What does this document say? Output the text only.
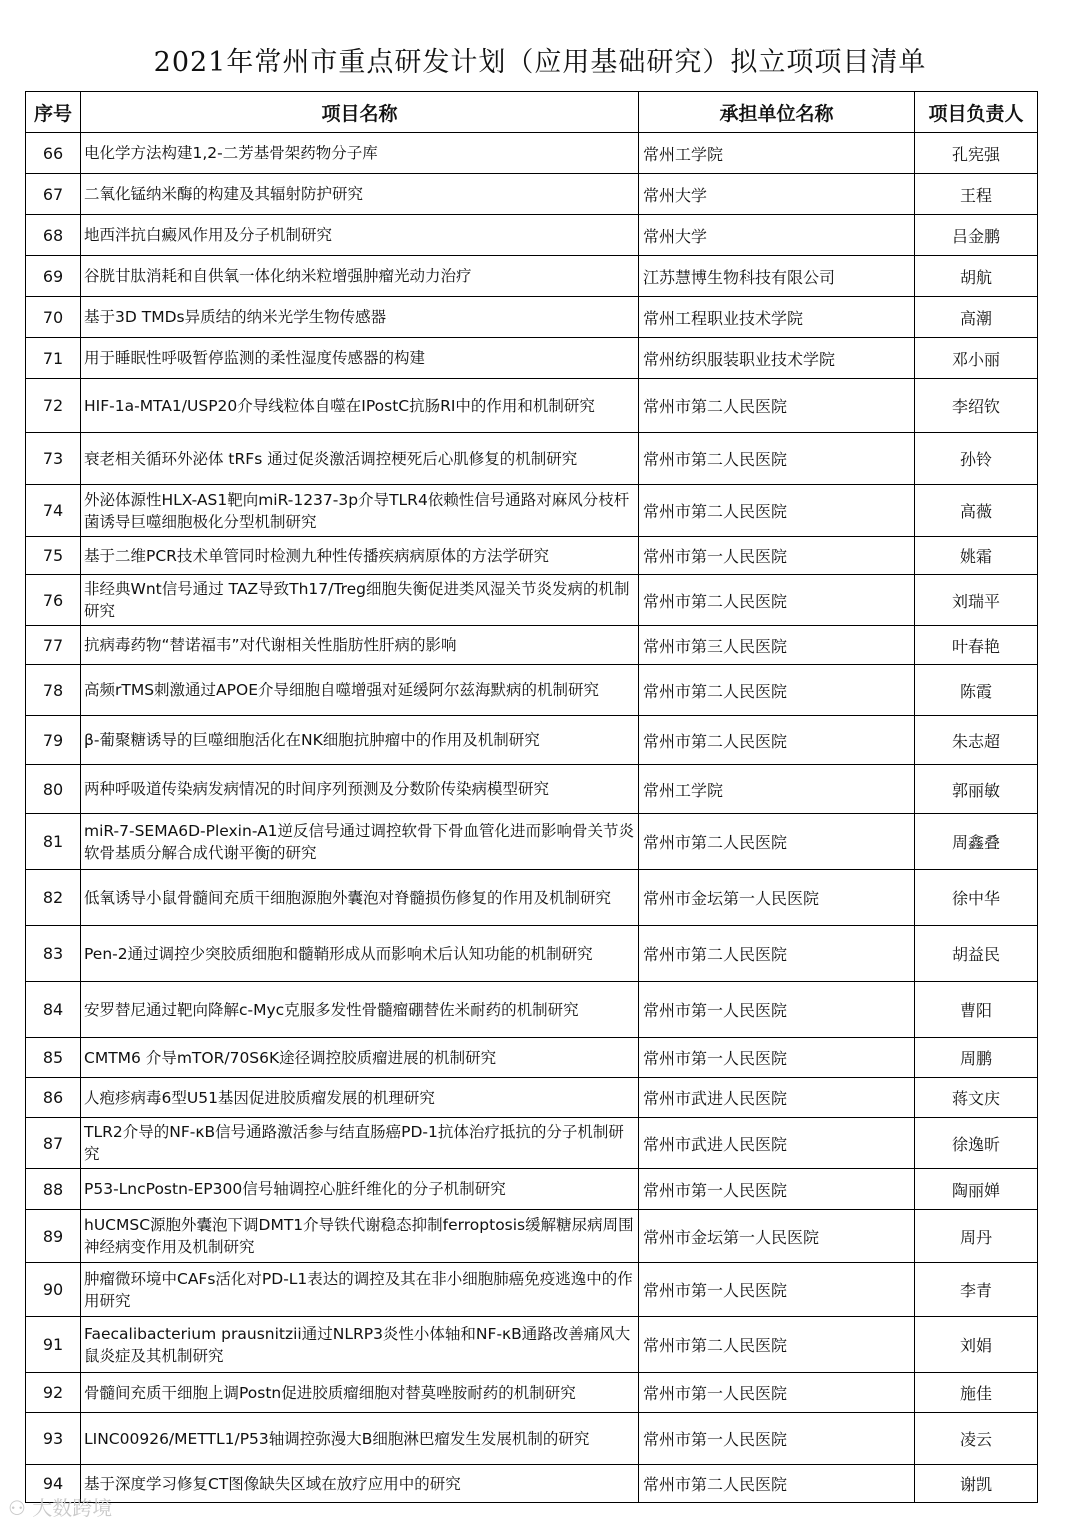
2021年常州市重点研发计划（应用基础研究）拟立项项目清单
序号	项目名称	承担单位名称	项目负责人
66	电化学方法构建1,2-二芳基骨架药物分子库	常州工学院	孔宪强
67	二氧化锰纳米酶的构建及其辐射防护研究	常州大学	王程
68	地西泮抗白癜风作用及分子机制研究	常州大学	吕金鹏
69	谷胱甘肽消耗和自供氧一体化纳米粒增强肿瘤光动力治疗	江苏慧博生物科技有限公司	胡航
70	基于3D TMDs异质结的纳米光学生物传感器	常州工程职业技术学院	高潮
71	用于睡眠性呼吸暂停监测的柔性湿度传感器的构建	常州纺织服装职业技术学院	邓小丽
72	HIF-1a-MTA1/USP20介导线粒体自噬在IPostC抗肠RI中的作用和机制研究	常州市第二人民医院	李绍钦
73	衰老相关循环外泌体 tRFs 通过促炎激活调控梗死后心肌修复的机制研究	常州市第二人民医院	孙铃
74	外泌体源性HLX-AS1靶向miR-1237-3p介导TLR4依赖性信号通路对麻风分枝杆菌诱导巨噬细胞极化分型机制研究	常州市第二人民医院	高薇
75	基于二维PCR技术单管同时检测九种性传播疾病病原体的方法学研究	常州市第一人民医院	姚霜
76	非经典Wnt信号通过 TAZ导致Th17/Treg细胞失衡促进类风湿关节炎发病的机制研究	常州市第二人民医院	刘瑞平
77	抗病毒药物“替诺福韦”对代谢相关性脂肪性肝病的影响	常州市第三人民医院	叶春艳
78	高频rTMS刺激通过APOE介导细胞自噬增强对延缓阿尔兹海默病的机制研究	常州市第二人民医院	陈霞
79	β-葡聚糖诱导的巨噬细胞活化在NK细胞抗肿瘤中的作用及机制研究	常州市第二人民医院	朱志超
80	两种呼吸道传染病发病情况的时间序列预测及分数阶传染病模型研究	常州工学院	郭丽敏
81	miR-7-SEMA6D-Plexin-A1逆反信号通过调控软骨下骨血管化进而影响骨关节炎软骨基质分解合成代谢平衡的研究	常州市第二人民医院	周鑫叠
82	低氧诱导小鼠骨髓间充质干细胞源胞外囊泡对脊髓损伤修复的作用及机制研究	常州市金坛第一人民医院	徐中华
83	Pen-2通过调控少突胶质细胞和髓鞘形成从而影响术后认知功能的机制研究	常州市第二人民医院	胡益民
84	安罗替尼通过靶向降解c-Myc克服多发性骨髓瘤硼替佐米耐药的机制研究	常州市第一人民医院	曹阳
85	CMTM6 介导mTOR/70S6K途径调控胶质瘤进展的机制研究	常州市第一人民医院	周鹏
86	人疱疹病毒6型U51基因促进胶质瘤发展的机理研究	常州市武进人民医院	蒋文庆
87	TLR2介导的NF-κB信号通路激活参与结直肠癌PD-1抗体治疗抵抗的分子机制研究	常州市武进人民医院	徐逸昕
88	P53-LncPostn-EP300信号轴调控心脏纤维化的分子机制研究	常州市第一人民医院	陶丽婵
89	hUCMSC源胞外囊泡下调DMT1介导铁代谢稳态抑制ferroptosis缓解糖尿病周围神经病变作用及机制研究	常州市金坛第一人民医院	周丹
90	肿瘤微环境中CAFs活化对PD-L1表达的调控及其在非小细胞肺癌免疫逃逸中的作用研究	常州市第一人民医院	李青
91	Faecalibacterium prausnitzii通过NLRP3炎性小体轴和NF-κB通路改善痛风大鼠炎症及其机制研究	常州市第二人民医院	刘娟
92	骨髓间充质干细胞上调Postn促进胶质瘤细胞对替莫唑胺耐药的机制研究	常州市第一人民医院	施佳
93	LINC00926/METTL1/P53轴调控弥漫大B细胞淋巴瘤发生发展机制的研究	常州市第一人民医院	凌云
94	基于深度学习修复CT图像缺失区域在放疗应用中的研究	常州市第二人民医院	谢凯
⚇ 大数跨境
